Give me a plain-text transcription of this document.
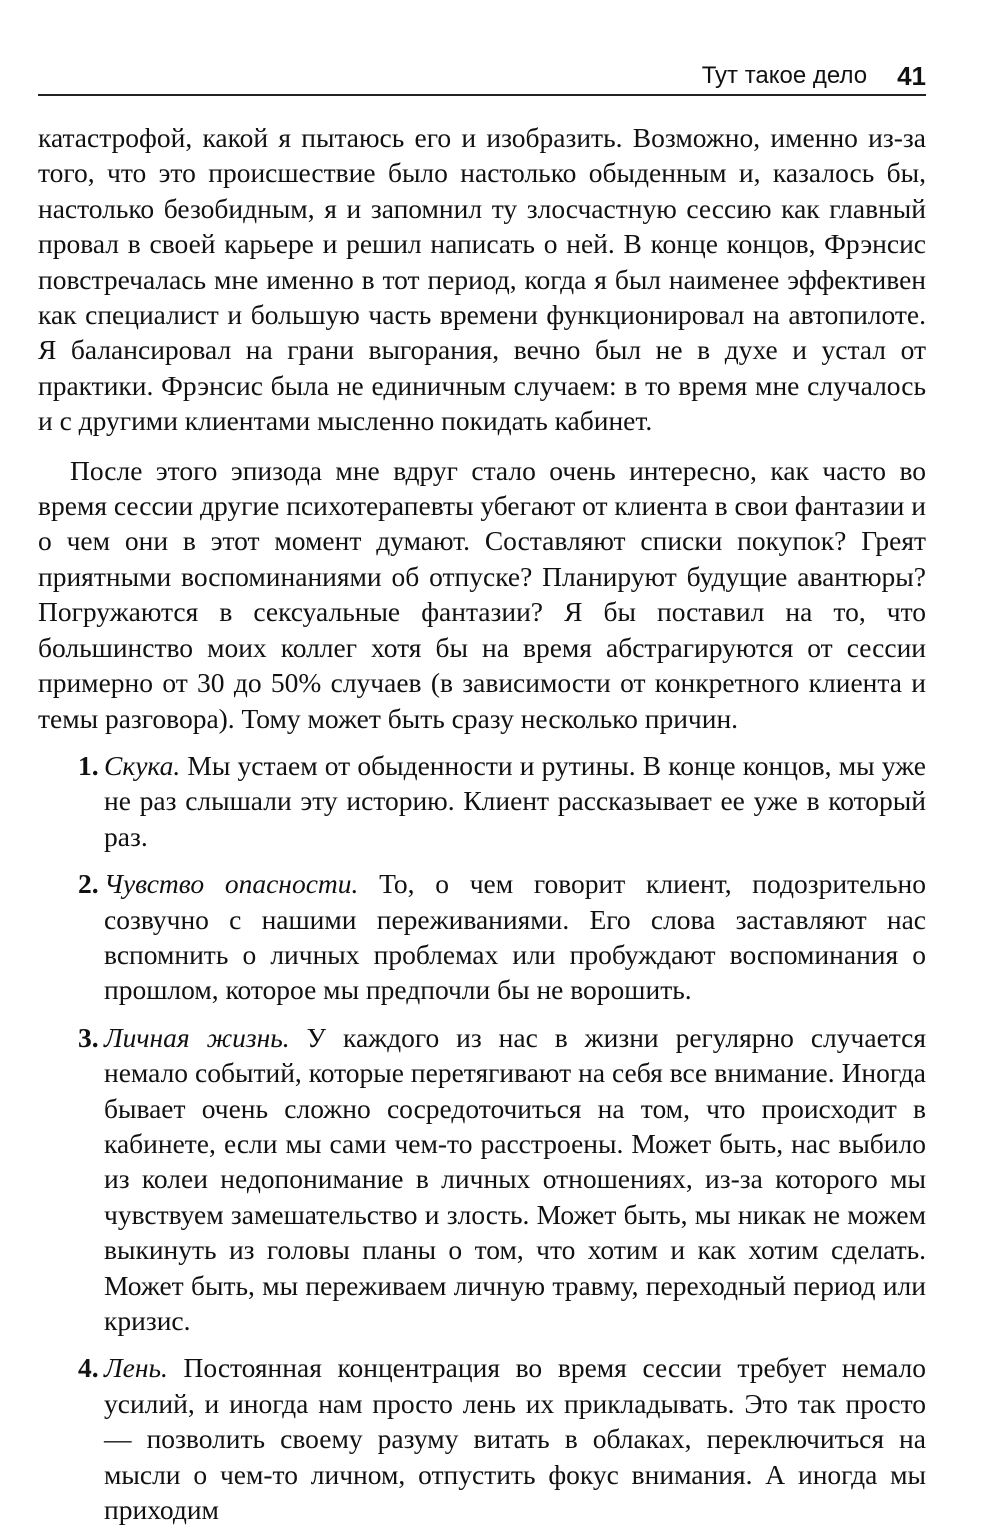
Тут такое дело 41

катастрофой, какой я пытаюсь его и изобразить. Возможно, именно из-за того, что это происшествие было настолько обыденным и, казалось бы, настолько безобидным, я и запомнил ту злосчастную сессию как главный провал в своей карьере и решил написать о ней. В конце концов, Фрэнсис повстречалась мне именно в тот период, когда я был наименее эффективен как специалист и большую часть времени функционировал на автопилоте. Я балансировал на грани выгорания, вечно был не в духе и устал от практики. Фрэнсис была не единичным случаем: в то время мне случалось и с другими клиентами мысленно покидать кабинет.

После этого эпизода мне вдруг стало очень интересно, как часто во время сессии другие психотерапевты убегают от клиента в свои фантазии и о чем они в этот момент думают. Составляют списки покупок? Греят приятными воспоминаниями об отпуске? Планируют будущие авантюры? Погружаются в сексуальные фантазии? Я бы поставил на то, что большинство моих коллег хотя бы на время абстрагируются от сессии примерно от 30 до 50% случаев (в зависимости от конкретного клиента и темы разговора). Тому может быть сразу несколько причин.

1. Скука. Мы устаем от обыденности и рутины. В конце концов, мы уже не раз слышали эту историю. Клиент рассказывает ее уже в который раз.
2. Чувство опасности. То, о чем говорит клиент, подозрительно созвучно с нашими переживаниями. Его слова заставляют нас вспомнить о личных проблемах или пробуждают воспоминания о прошлом, которое мы предпочли бы не ворошить.
3. Личная жизнь. У каждого из нас в жизни регулярно случается немало событий, которые перетягивают на себя все внимание. Иногда бывает очень сложно сосредоточиться на том, что происходит в кабинете, если мы сами чем-то расстроены. Может быть, нас выбило из колеи недопонимание в личных отношениях, из-за которого мы чувствуем замешательство и злость. Может быть, мы никак не можем выкинуть из головы планы о том, что хотим и как хотим сделать. Может быть, мы переживаем личную травму, переходный период или кризис.
4. Лень. Постоянная концентрация во время сессии требует немало усилий, и иногда нам просто лень их прикладывать. Это так просто — позволить своему разуму витать в облаках, переключиться на мысли о чем-то личном, отпустить фокус внимания. А иногда мы приходим
